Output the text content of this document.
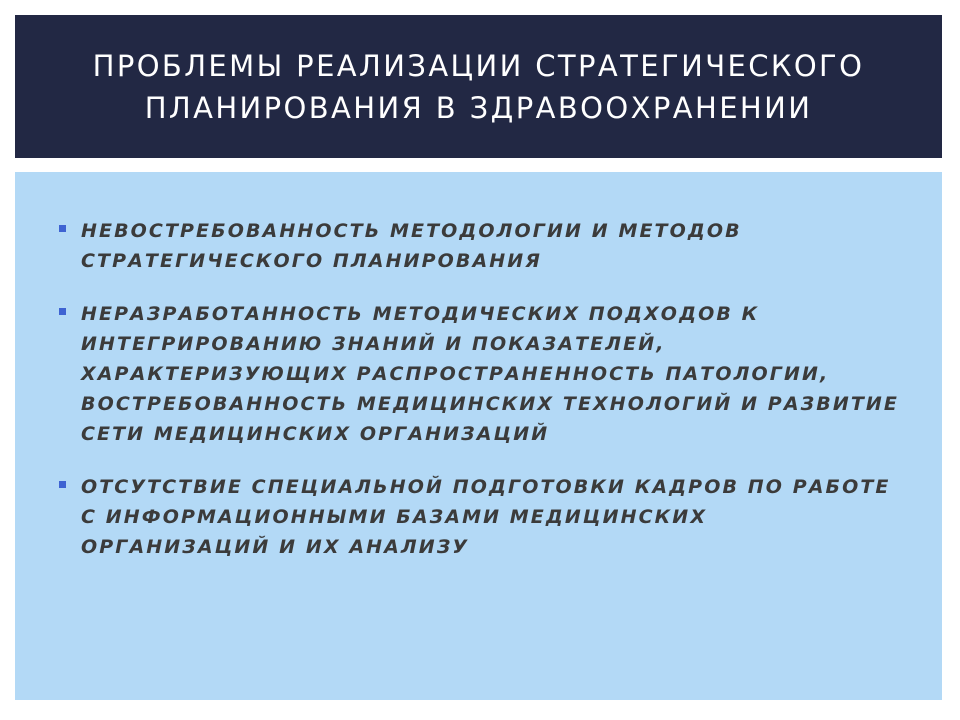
ПРОБЛЕМЫ РЕАЛИЗАЦИИ СТРАТЕГИЧЕСКОГО ПЛАНИРОВАНИЯ В ЗДРАВООХРАНЕНИИ
НЕВОСТРЕБОВАННОСТЬ МЕТОДОЛОГИИ И МЕТОДОВ СТРАТЕГИЧЕСКОГО ПЛАНИРОВАНИЯ
НЕРАЗРАБОТАННОСТЬ МЕТОДИЧЕСКИХ ПОДХОДОВ К ИНТЕГРИРОВАНИЮ ЗНАНИЙ И ПОКАЗАТЕЛЕЙ, ХАРАКТЕРИЗУЮЩИХ РАСПРОСТРАНЕННОСТЬ ПАТОЛОГИИ, ВОСТРЕБОВАННОСТЬ МЕДИЦИНСКИХ ТЕХНОЛОГИЙ И РАЗВИТИЕ СЕТИ МЕДИЦИНСКИХ ОРГАНИЗАЦИЙ
ОТСУТСТВИЕ СПЕЦИАЛЬНОЙ ПОДГОТОВКИ КАДРОВ ПО РАБОТЕ С ИНФОРМАЦИОННЫМИ БАЗАМИ МЕДИЦИНСКИХ ОРГАНИЗАЦИЙ И ИХ АНАЛИЗУ
